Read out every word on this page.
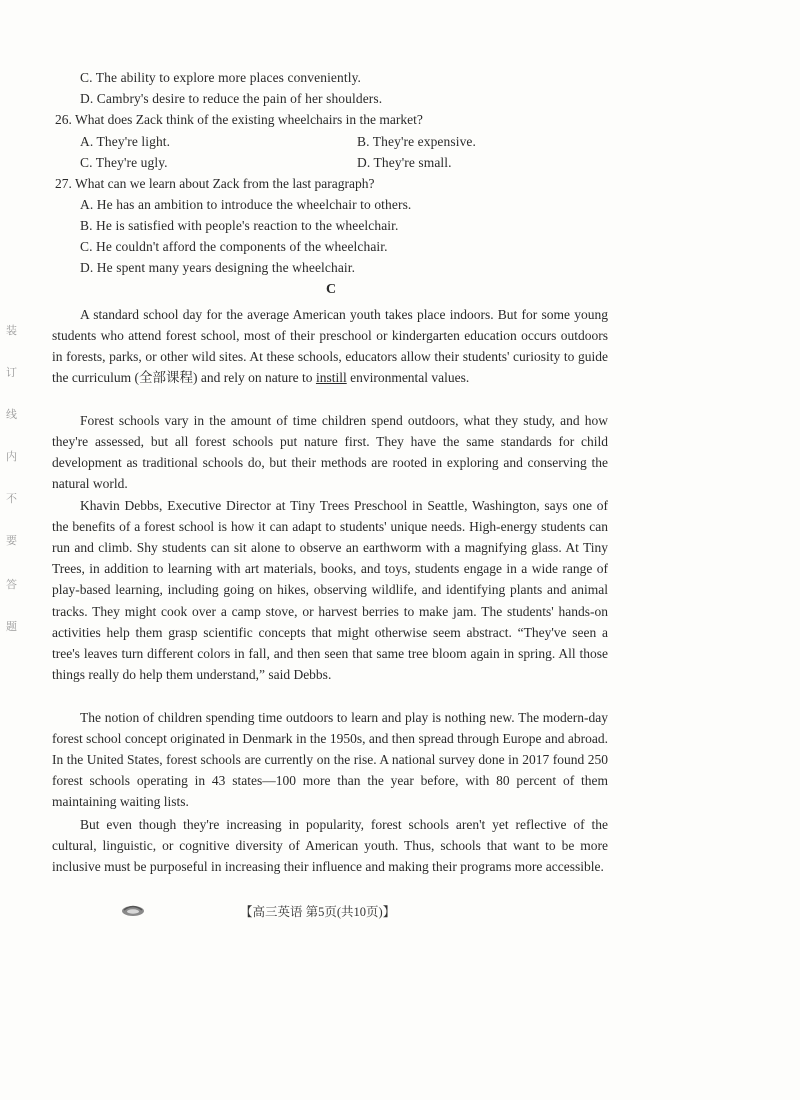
装
订
线
内
不
要
答
题
C. The ability to explore more places conveniently.
D. Cambry's desire to reduce the pain of her shoulders.
26. What does Zack think of the existing wheelchairs in the market?
A. They're light.	B. They're expensive.
C. They're ugly.	D. They're small.
27. What can we learn about Zack from the last paragraph?
A. He has an ambition to introduce the wheelchair to others.
B. He is satisfied with people's reaction to the wheelchair.
C. He couldn't afford the components of the wheelchair.
D. He spent many years designing the wheelchair.
C

A standard school day for the average American youth takes place indoors. But for some young students who attend forest school, most of their preschool or kindergarten education occurs outdoors in forests, parks, or other wild sites. At these schools, educators allow their students' curiosity to guide the curriculum (全部课程) and rely on nature to instill environmental values.

Forest schools vary in the amount of time children spend outdoors, what they study, and how they're assessed, but all forest schools put nature first. They have the same standards for child development as traditional schools do, but their methods are rooted in exploring and conserving the natural world.

Khavin Debbs, Executive Director at Tiny Trees Preschool in Seattle, Washington, says one of the benefits of a forest school is how it can adapt to students' unique needs. High-energy students can run and climb. Shy students can sit alone to observe an earthworm with a magnifying glass. At Tiny Trees, in addition to learning with art materials, books, and toys, students engage in a wide range of play-based learning, including going on hikes, observing wildlife, and identifying plants and animal tracks. They might cook over a camp stove, or harvest berries to make jam. The students' hands-on activities help them grasp scientific concepts that might otherwise seem abstract. “They've seen a tree's leaves turn different colors in fall, and then seen that same tree bloom again in spring. All those things really do help them understand,” said Debbs.

The notion of children spending time outdoors to learn and play is nothing new. The modern-day forest school concept originated in Denmark in the 1950s, and then spread through Europe and abroad. In the United States, forest schools are currently on the rise. A national survey done in 2017 found 250 forest schools operating in 43 states—100 more than the year before, with 80 percent of them maintaining waiting lists.

But even though they're increasing in popularity, forest schools aren't yet reflective of the cultural, linguistic, or cognitive diversity of American youth. Thus, schools that want to be more inclusive must be purposeful in increasing their influence and making their programs more accessible.

【高三英语 第5页(共10页)】
